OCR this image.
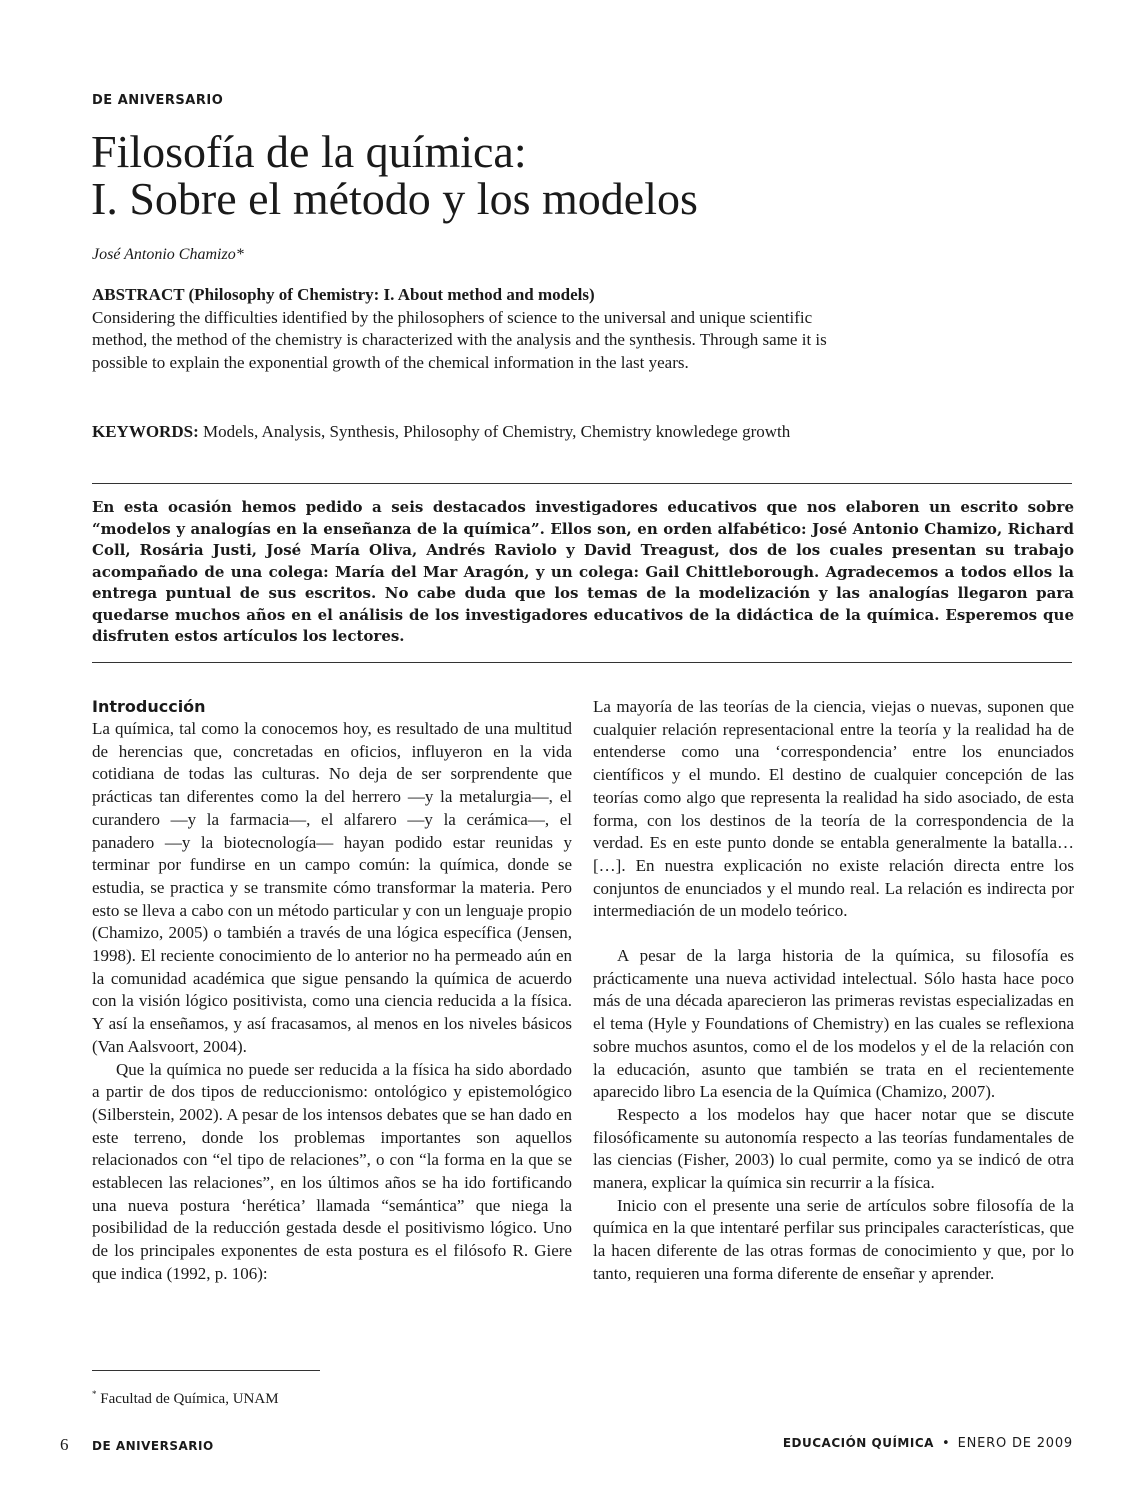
DE ANIVERSARIO
Filosofía de la química:
I. Sobre el método y los modelos
José Antonio Chamizo*
ABSTRACT (Philosophy of Chemistry: I. About method and models)
Considering the difficulties identified by the philosophers of science to the universal and unique scientific method, the method of the chemistry is characterized with the analysis and the synthesis. Through same it is possible to explain the exponential growth of the chemical information in the last years.
KEYWORDS: Models, Analysis, Synthesis, Philosophy of Chemistry, Chemistry knowledege growth
En esta ocasión hemos pedido a seis destacados investigadores educativos que nos elaboren un escrito sobre “modelos y analogías en la enseñanza de la química”. Ellos son, en orden alfabético: José Antonio Chamizo, Richard Coll, Rosária Justi, José María Oliva, Andrés Raviolo y David Treagust, dos de los cuales presentan su trabajo acompañado de una colega: María del Mar Aragón, y un colega: Gail Chittleborough. Agradecemos a todos ellos la entrega puntual de sus escritos. No cabe duda que los temas de la modelización y las analogías llegaron para quedarse muchos años en el análisis de los investigadores educativos de la didáctica de la química. Esperemos que disfruten estos artículos los lectores.
Introducción

La química, tal como la conocemos hoy, es resultado de una multitud de herencias que, concretadas en oficios, influyeron en la vida cotidiana de todas las culturas. No deja de ser sorprendente que prácticas tan diferentes como la del herrero —y la metalurgia—, el curandero —y la farmacia—, el alfarero —y la cerámica—, el panadero —y la biotecnología— hayan podido estar reunidas y terminar por fundirse en un campo común: la química, donde se estudia, se practica y se transmite cómo transformar la materia. Pero esto se lleva a cabo con un método particular y con un lenguaje propio (Chamizo, 2005) o también a través de una lógica específica (Jensen, 1998). El reciente conocimiento de lo anterior no ha permeado aún en la comunidad académica que sigue pensando la química de acuerdo con la visión lógico positivista, como una ciencia reducida a la física. Y así la enseñamos, y así fracasamos, al menos en los niveles básicos (Van Aalsvoort, 2004).

Que la química no puede ser reducida a la física ha sido abordado a partir de dos tipos de reduccionismo: ontológico y epistemológico (Silberstein, 2002). A pesar de los intensos debates que se han dado en este terreno, donde los problemas importantes son aquellos relacionados con “el tipo de relaciones”, o con “la forma en la que se establecen las relaciones”, en los últimos años se ha ido fortificando una nueva postura ‘herética’ llamada “semántica” que niega la posibilidad de la reducción gestada desde el positivismo lógico. Uno de los principales exponentes de esta postura es el filósofo R. Giere que indica (1992, p. 106):

La mayoría de las teorías de la ciencia, viejas o nuevas, suponen que cualquier relación representacional entre la teoría y la realidad ha de entenderse como una ‘correspondencia’ entre los enunciados científicos y el mundo. El destino de cualquier concepción de las teorías como algo que representa la realidad ha sido asociado, de esta forma, con los destinos de la teoría de la correspondencia de la verdad. Es en este punto donde se entabla generalmente la batalla… […]. En nuestra explicación no existe relación directa entre los conjuntos de enunciados y el mundo real. La relación es indirecta por intermediación de un modelo teórico.

A pesar de la larga historia de la química, su filosofía es prácticamente una nueva actividad intelectual. Sólo hasta hace poco más de una década aparecieron las primeras revistas especializadas en el tema (Hyle y Foundations of Chemistry) en las cuales se reflexiona sobre muchos asuntos, como el de los modelos y el de la relación con la educación, asunto que también se trata en el recientemente aparecido libro La esencia de la Química (Chamizo, 2007).

Respecto a los modelos hay que hacer notar que se discute filosóficamente su autonomía respecto a las teorías fundamentales de las ciencias (Fisher, 2003) lo cual permite, como ya se indicó de otra manera, explicar la química sin recurrir a la física.

Inicio con el presente una serie de artículos sobre filosofía de la química en la que intentaré perfilar sus principales características, que la hacen diferente de las otras formas de conocimiento y que, por lo tanto, requieren una forma diferente de enseñar y aprender.

* Facultad de Química, UNAM
6 DE ANIVERSARIO	EDUCACIÓN QUÍMICA • ENERO DE 2009
